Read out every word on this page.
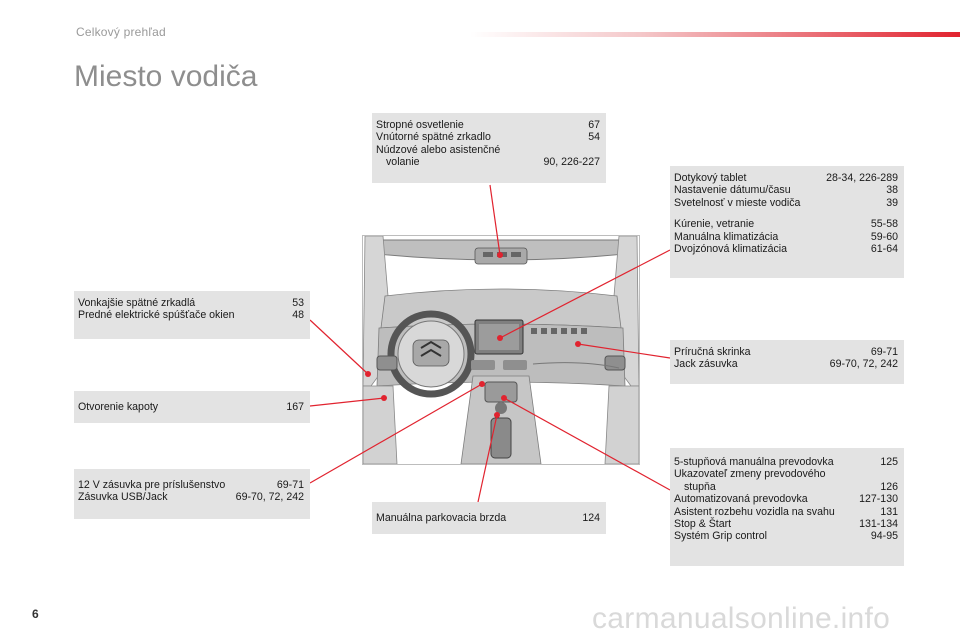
Celkový prehľad
Miesto vodiča
Stropné osvetlenie	67
Vnútorné spätné zrkadlo	54
Núdzové alebo asistenčné
volanie	90, 226-227
Dotykový tablet	28-34, 226-289
Nastavenie dátumu/času	38
Svetelnosť v mieste vodiča	39
Kúrenie, vetranie	55-58
Manuálna klimatizácia	59-60
Dvojzónová klimatizácia	61-64
Vonkajšie spätné zrkadlá	53
Predné elektrické spúšťače okien	48
Otvorenie kapoty	167
Príručná skrinka	69-71
Jack zásuvka	69-70, 72, 242
12 V zásuvka pre príslušenstvo	69-71
Zásuvka USB/Jack	69-70, 72, 242
Manuálna parkovacia brzda	124
5-stupňová manuálna prevodovka	125
Ukazovateľ zmeny prevodového
stupňa	126
Automatizovaná prevodovka	127-130
Asistent rozbehu vozidla na svahu	131
Stop & Štart	131-134
Systém Grip control	94-95
6	carmanualsonline.info
